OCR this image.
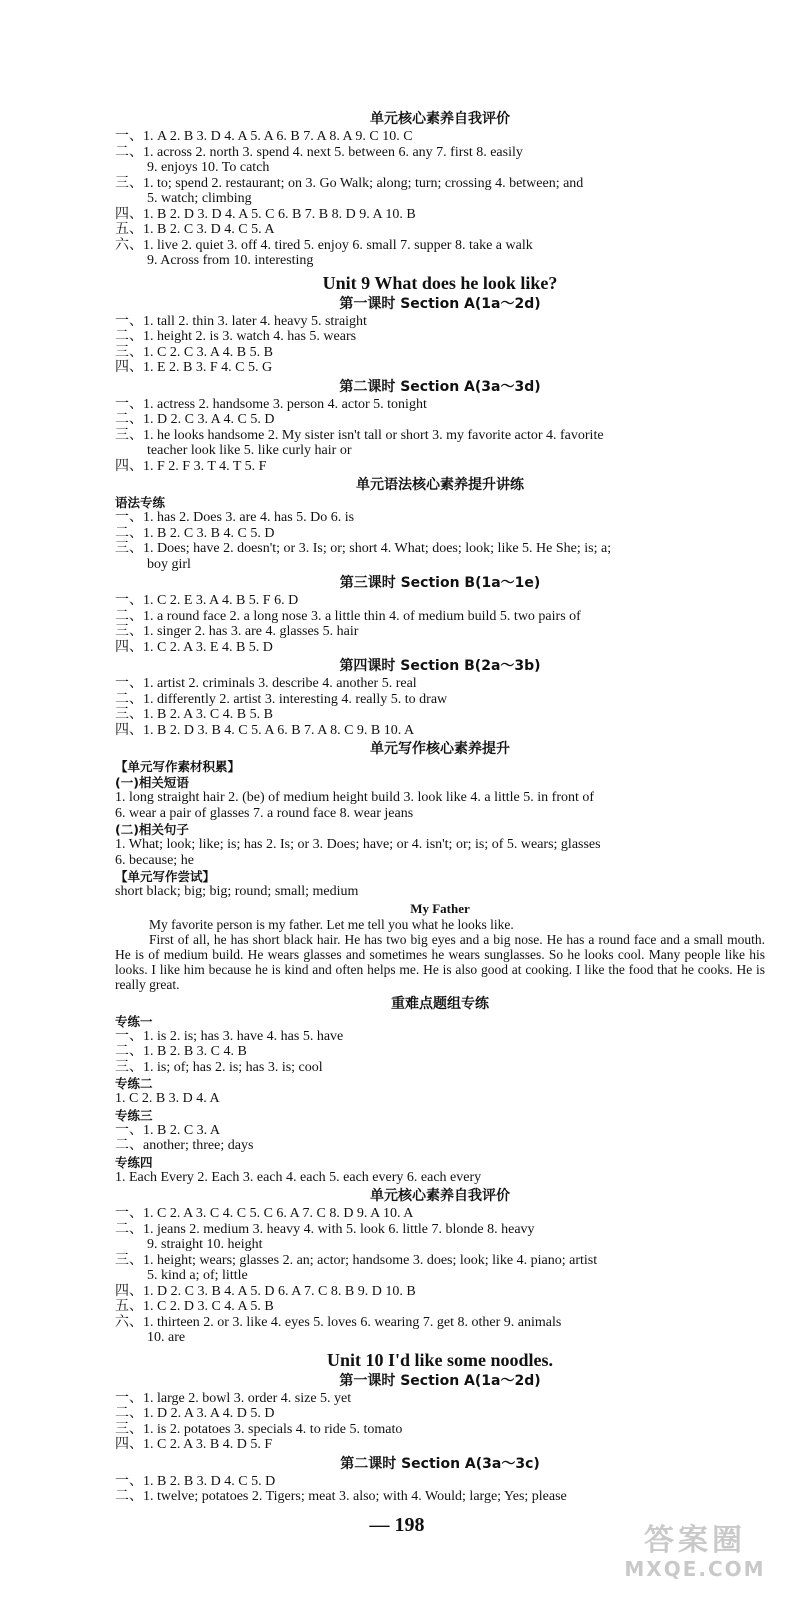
单元核心素养自我评价
一、1. A 2. B 3. D 4. A 5. A 6. B 7. A 8. A 9. C 10. C
二、1. across 2. north 3. spend 4. next 5. between 6. any 7. first 8. easily
9. enjoys 10. To catch
三、1. to; spend 2. restaurant; on 3. Go Walk; along; turn; crossing 4. between; and
5. watch; climbing
四、1. B 2. D 3. D 4. A 5. C 6. B 7. B 8. D 9. A 10. B
五、1. B 2. C 3. D 4. C 5. A
六、1. live 2. quiet 3. off 4. tired 5. enjoy 6. small 7. supper 8. take a walk
9. Across from 10. interesting
Unit 9 What does he look like?
第一课时 Section A(1a～2d)
一、1. tall 2. thin 3. later 4. heavy 5. straight
二、1. height 2. is 3. watch 4. has 5. wears
三、1. C 2. C 3. A 4. B 5. B
四、1. E 2. B 3. F 4. C 5. G
第二课时 Section A(3a～3d)
一、1. actress 2. handsome 3. person 4. actor 5. tonight
二、1. D 2. C 3. A 4. C 5. D
三、1. he looks handsome 2. My sister isn't tall or short 3. my favorite actor 4. favorite
teacher look like 5. like curly hair or
四、1. F 2. F 3. T 4. T 5. F
单元语法核心素养提升讲练
语法专练
一、1. has 2. Does 3. are 4. has 5. Do 6. is
二、1. B 2. C 3. B 4. C 5. D
三、1. Does; have 2. doesn't; or 3. Is; or; short 4. What; does; look; like 5. He She; is; a;
boy girl
第三课时 Section B(1a～1e)
一、1. C 2. E 3. A 4. B 5. F 6. D
二、1. a round face 2. a long nose 3. a little thin 4. of medium build 5. two pairs of
三、1. singer 2. has 3. are 4. glasses 5. hair
四、1. C 2. A 3. E 4. B 5. D
第四课时 Section B(2a～3b)
一、1. artist 2. criminals 3. describe 4. another 5. real
二、1. differently 2. artist 3. interesting 4. really 5. to draw
三、1. B 2. A 3. C 4. B 5. B
四、1. B 2. D 3. B 4. C 5. A 6. B 7. A 8. C 9. B 10. A
单元写作核心素养提升
【单元写作素材积累】
(一)相关短语
1. long straight hair 2. (be) of medium height build 3. look like 4. a little 5. in front of
6. wear a pair of glasses 7. a round face 8. wear jeans
(二)相关句子
1. What; look; like; is; has 2. Is; or 3. Does; have; or 4. isn't; or; is; of 5. wears; glasses
6. because; he
【单元写作尝试】
short black; big; big; round; small; medium
My Father

My favorite person is my father. Let me tell you what he looks like.

First of all, he has short black hair. He has two big eyes and a big nose. He has a round face and a small mouth. He is of medium build. He wears glasses and sometimes he wears sunglasses. So he looks cool. Many people like his looks. I like him because he is kind and often helps me. He is also good at cooking. I like the food that he cooks. He is really great.

重难点题组专练
专练一
一、1. is 2. is; has 3. have 4. has 5. have
二、1. B 2. B 3. C 4. B
三、1. is; of; has 2. is; has 3. is; cool
专练二
1. C 2. B 3. D 4. A
专练三
一、1. B 2. C 3. A
二、another; three; days
专练四
1. Each Every 2. Each 3. each 4. each 5. each every 6. each every
单元核心素养自我评价
一、1. C 2. A 3. C 4. C 5. C 6. A 7. C 8. D 9. A 10. A
二、1. jeans 2. medium 3. heavy 4. with 5. look 6. little 7. blonde 8. heavy
9. straight 10. height
三、1. height; wears; glasses 2. an; actor; handsome 3. does; look; like 4. piano; artist
5. kind a; of; little
四、1. D 2. C 3. B 4. A 5. D 6. A 7. C 8. B 9. D 10. B
五、1. C 2. D 3. C 4. A 5. B
六、1. thirteen 2. or 3. like 4. eyes 5. loves 6. wearing 7. get 8. other 9. animals
10. are
Unit 10 I'd like some noodles.
第一课时 Section A(1a～2d)
一、1. large 2. bowl 3. order 4. size 5. yet
二、1. D 2. A 3. A 4. D 5. D
三、1. is 2. potatoes 3. specials 4. to ride 5. tomato
四、1. C 2. A 3. B 4. D 5. F
第二课时 Section A(3a～3c)
一、1. B 2. B 3. D 4. C 5. D
二、1. twelve; potatoes 2. Tigers; meat 3. also; with 4. Would; large; Yes; please
— 198	答案圈
MXQE.COM
